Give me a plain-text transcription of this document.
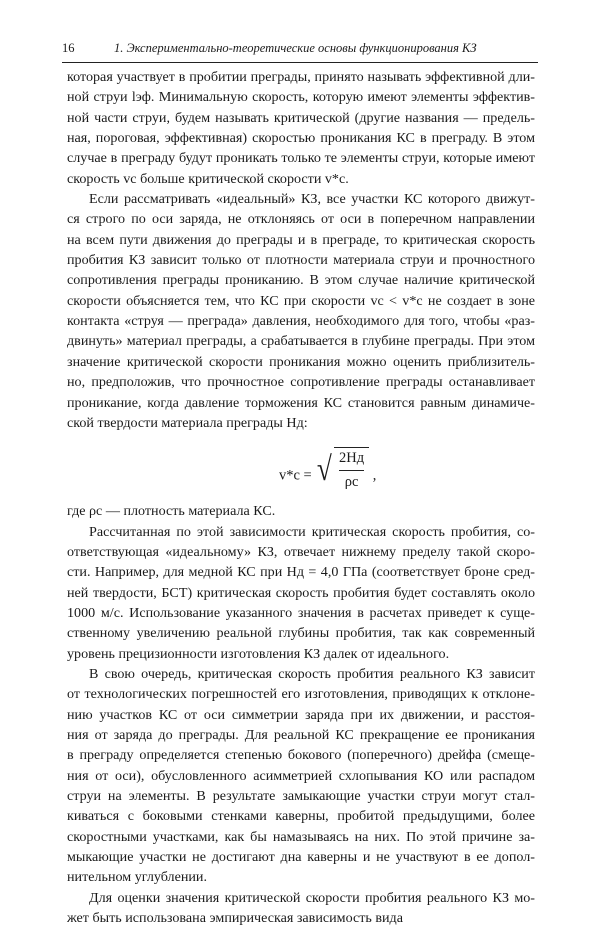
16	1. Экспериментально-теоретические основы функционирования КЗ
которая участвует в пробитии преграды, принято называть эффективной дли-
ной струи lэф. Минимальную скорость, которую имеют элементы эффектив-
ной части струи, будем называть критической (другие названия — предель-
ная, пороговая, эффективная) скоростью проникания КС в преграду. В этом
случае в преграду будут проникать только те элементы струи, которые имеют
скорость vc больше критической скорости v*c.
Если рассматривать «идеальный» КЗ, все участки КС которого движут-
ся строго по оси заряда, не отклоняясь от оси в поперечном направлении
на всем пути движения до преграды и в преграде, то критическая скорость
пробития КЗ зависит только от плотности материала струи и прочностного
сопротивления преграды прониканию. В этом случае наличие критической
скорости объясняется тем, что КС при скорости vc < v*c не создает в зоне
контакта «струя — преграда» давления, необходимого для того, чтобы «раз-
двинуть» материал преграды, а срабатывается в глубине преграды. При этом
значение критической скорости проникания можно оценить приблизитель-
но, предположив, что прочностное сопротивление преграды останавливает
проникание, когда давление торможения КС становится равным динамиче-
ской твердости материала преграды Hд:
v*c = √ $\frac{2Hд}{\rho c}$ ,
где ρc — плотность материала КС.
Рассчитанная по этой зависимости критическая скорость пробития, со-
ответствующая «идеальному» КЗ, отвечает нижнему пределу такой скоро-
сти. Например, для медной КС при Hд = 4,0 ГПа (соответствует броне сред-
ней твердости, БСТ) критическая скорость пробития будет составлять около
1000 м/с. Использование указанного значения в расчетах приведет к суще-
ственному увеличению реальной глубины пробития, так как современный
уровень прецизионности изготовления КЗ далек от идеального.
В свою очередь, критическая скорость пробития реального КЗ зависит
от технологических погрешностей его изготовления, приводящих к отклоне-
нию участков КС от оси симметрии заряда при их движении, и расстоя-
ния от заряда до преграды. Для реальной КС прекращение ее проникания
в преграду определяется степенью бокового (поперечного) дрейфа (смеще-
ния от оси), обусловленного асимметрией схлопывания КО или распадом
струи на элементы. В результате замыкающие участки струи могут стал-
киваться с боковыми стенками каверны, пробитой предыдущими, более
скоростными участками, как бы намазываясь на них. По этой причине за-
мыкающие участки не достигают дна каверны и не участвуют в ее допол-
нительном углублении.
Для оценки значения критической скорости пробития реального КЗ мо-
жет быть использована эмпирическая зависимость вида
